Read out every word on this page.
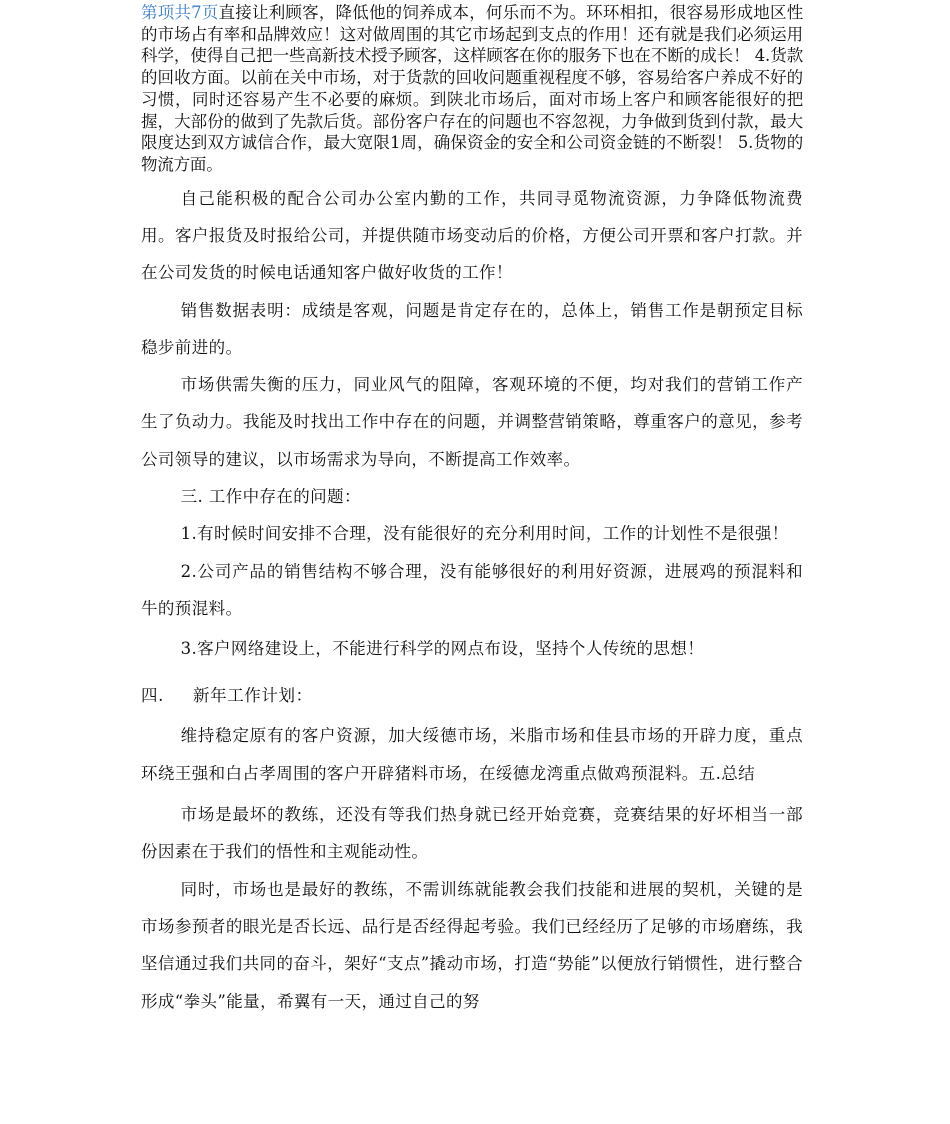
第项共7页直接让利顾客，降低他的饲养成本，何乐而不为。环环相扣，很容易形成地区性的市场占有率和品牌效应！这对做周围的其它市场起到支点的作用！还有就是我们必须运用科学，使得自己把一些高新技术授予顾客，这样顾客在你的服务下也在不断的成长！ 4.货款的回收方面。以前在关中市场，对于货款的回收问题重视程度不够，容易给客户养成不好的习惯，同时还容易产生不必要的麻烦。到陕北市场后，面对市场上客户和顾客能很好的把握，大部份的做到了先款后货。部份客户存在的问题也不容忽视，力争做到货到付款，最大限度达到双方诚信合作，最大宽限1周，确保资金的安全和公司资金链的不断裂！ 5.货物的物流方面。

自己能积极的配合公司办公室内勤的工作，共同寻觅物流资源，力争降低物流费用。客户报货及时报给公司，并提供随市场变动后的价格，方便公司开票和客户打款。并在公司发货的时候电话通知客户做好收货的工作！

销售数据表明：成绩是客观，问题是肯定存在的，总体上，销售工作是朝预定目标稳步前进的。

市场供需失衡的压力，同业风气的阻障，客观环境的不便，均对我们的营销工作产生了负动力。我能及时找出工作中存在的问题，并调整营销策略，尊重客户的意见，参考公司领导的建议，以市场需求为导向，不断提高工作效率。

三. 工作中存在的问题：

1.有时候时间安排不合理，没有能很好的充分利用时间，工作的计划性不是很强！

2.公司产品的销售结构不够合理，没有能够很好的利用好资源，进展鸡的预混料和牛的预混料。

3.客户网络建设上，不能进行科学的网点布设，坚持个人传统的思想！

四. 新年工作计划：

维持稳定原有的客户资源，加大绥德市场，米脂市场和佳县市场的开辟力度，重点环绕王强和白占孝周围的客户开辟猪料市场，在绥德龙湾重点做鸡预混料。五.总结

市场是最坏的教练，还没有等我们热身就已经开始竞赛，竞赛结果的好坏相当一部份因素在于我们的悟性和主观能动性。

同时，市场也是最好的教练，不需训练就能教会我们技能和进展的契机，关键的是市场参预者的眼光是否长远、品行是否经得起考验。我们已经经历了足够的市场磨练，我坚信通过我们共同的奋斗，架好“支点”撬动市场，打造“势能”以便放行销惯性，进行整合形成“拳头”能量，希翼有一天，通过自己的努
